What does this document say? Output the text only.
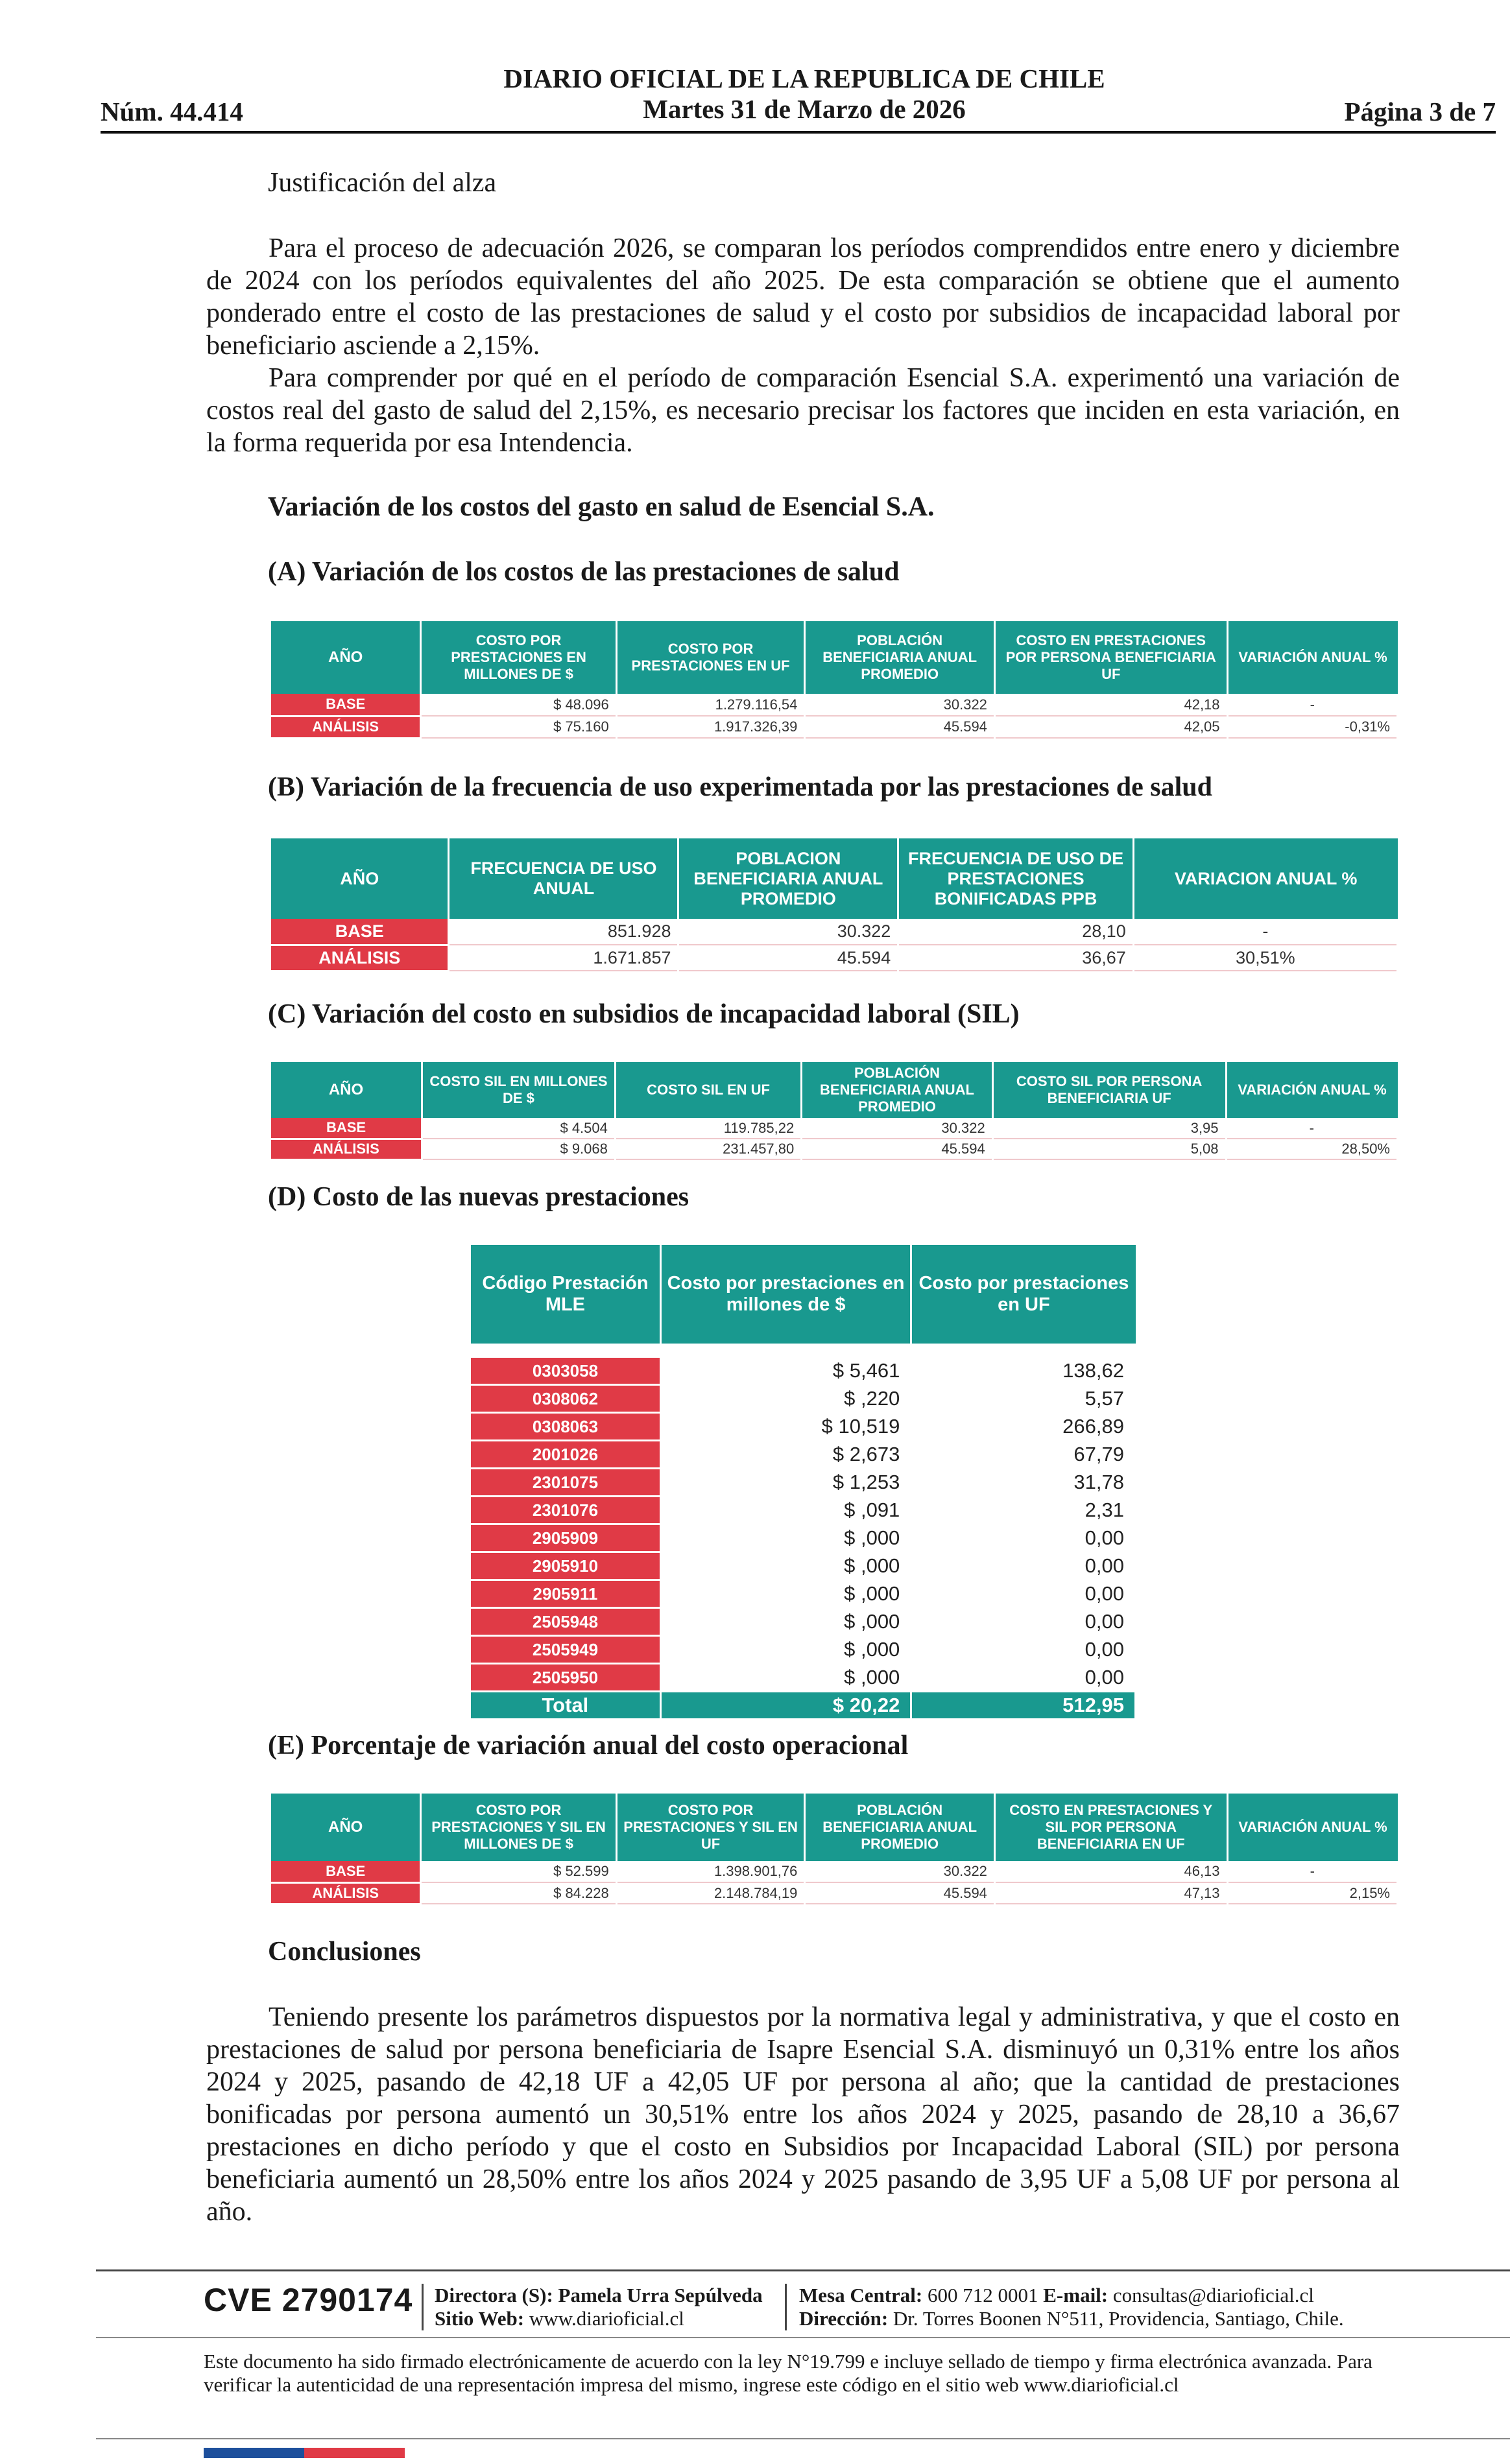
Núm. 44.414
DIARIO OFICIAL DE LA REPUBLICA DE CHILE
Martes 31 de Marzo de 2026	Página 3 de 7
Justificación del alza
Para el proceso de adecuación 2026, se comparan los períodos comprendidos entre enero y diciembre de 2024 con los períodos equivalentes del año 2025. De esta comparación se obtiene que el aumento ponderado entre el costo de las prestaciones de salud y el costo por subsidios de incapacidad laboral por beneficiario asciende a 2,15%.
Para comprender por qué en el período de comparación Esencial S.A. experimentó una variación de costos real del gasto de salud del 2,15%, es necesario precisar los factores que inciden en esta variación, en la forma requerida por esa Intendencia.
Variación de los costos del gasto en salud de Esencial S.A.
(A) Variación de los costos de las prestaciones de salud
AÑO	COSTO POR PRESTACIONES EN MILLONES DE $	COSTO POR PRESTACIONES EN UF	POBLACIÓN BENEFICIARIA ANUAL PROMEDIO	COSTO EN PRESTACIONES POR PERSONA BENEFICIARIA UF	VARIACIÓN ANUAL %
BASE	$ 48.096	1.279.116,54	30.322	42,18	-
ANÁLISIS	$ 75.160	1.917.326,39	45.594	42,05	-0,31%
(B) Variación de la frecuencia de uso experimentada por las prestaciones de salud
AÑO	FRECUENCIA DE USO ANUAL	POBLACION BENEFICIARIA ANUAL PROMEDIO	FRECUENCIA DE USO DE PRESTACIONES BONIFICADAS PPB	VARIACION ANUAL %
BASE	851.928	30.322	28,10	-
ANÁLISIS	1.671.857	45.594	36,67	30,51%
(C) Variación del costo en subsidios de incapacidad laboral (SIL)
AÑO	COSTO SIL EN MILLONES DE $	COSTO SIL EN UF	POBLACIÓN BENEFICIARIA ANUAL PROMEDIO	COSTO SIL POR PERSONA BENEFICIARIA UF	VARIACIÓN ANUAL %
BASE	$ 4.504	119.785,22	30.322	3,95	-
ANÁLISIS	$ 9.068	231.457,80	45.594	5,08	28,50%
(D) Costo de las nuevas prestaciones
Código Prestación MLE	Costo por prestaciones en millones de $	Costo por prestaciones en UF

0303058	$ 5,461	138,62
0308062	$ ,220	5,57
0308063	$ 10,519	266,89
2001026	$ 2,673	67,79
2301075	$ 1,253	31,78
2301076	$ ,091	2,31
2905909	$ ,000	0,00
2905910	$ ,000	0,00
2905911	$ ,000	0,00
2505948	$ ,000	0,00
2505949	$ ,000	0,00
2505950	$ ,000	0,00
Total	$ 20,22	512,95
(E) Porcentaje de variación anual del costo operacional
AÑO	COSTO POR PRESTACIONES Y SIL EN MILLONES DE $	COSTO POR PRESTACIONES Y SIL EN UF	POBLACIÓN BENEFICIARIA ANUAL PROMEDIO	COSTO EN PRESTACIONES Y SIL POR PERSONA BENEFICIARIA EN UF	VARIACIÓN ANUAL %
BASE	$ 52.599	1.398.901,76	30.322	46,13	-
ANÁLISIS	$ 84.228	2.148.784,19	45.594	47,13	2,15%
Conclusiones
Teniendo presente los parámetros dispuestos por la normativa legal y administrativa, y que el costo en prestaciones de salud por persona beneficiaria de Isapre Esencial S.A. disminuyó un 0,31% entre los años 2024 y 2025, pasando de 42,18 UF a 42,05 UF por persona al año; que la cantidad de prestaciones bonificadas por persona aumentó un 30,51% entre los años 2024 y 2025, pasando de 28,10 a 36,67 prestaciones en dicho período y que el costo en Subsidios por Incapacidad Laboral (SIL) por persona beneficiaria aumentó un 28,50% entre los años 2024 y 2025 pasando de 3,95 UF a 5,08 UF por persona al año.
CVE 2790174 Directora (S): Pamela Urra Sepúlveda
Sitio Web: www.diarioficial.cl
Mesa Central: 600 712 0001 E-mail: consultas@diarioficial.cl
Dirección: Dr. Torres Boonen N°511, Providencia, Santiago, Chile.
Este documento ha sido firmado electrónicamente de acuerdo con la ley N°19.799 e incluye sellado de tiempo y firma electrónica avanzada. Para verificar la autenticidad de una representación impresa del mismo, ingrese este código en el sitio web www.diarioficial.cl
